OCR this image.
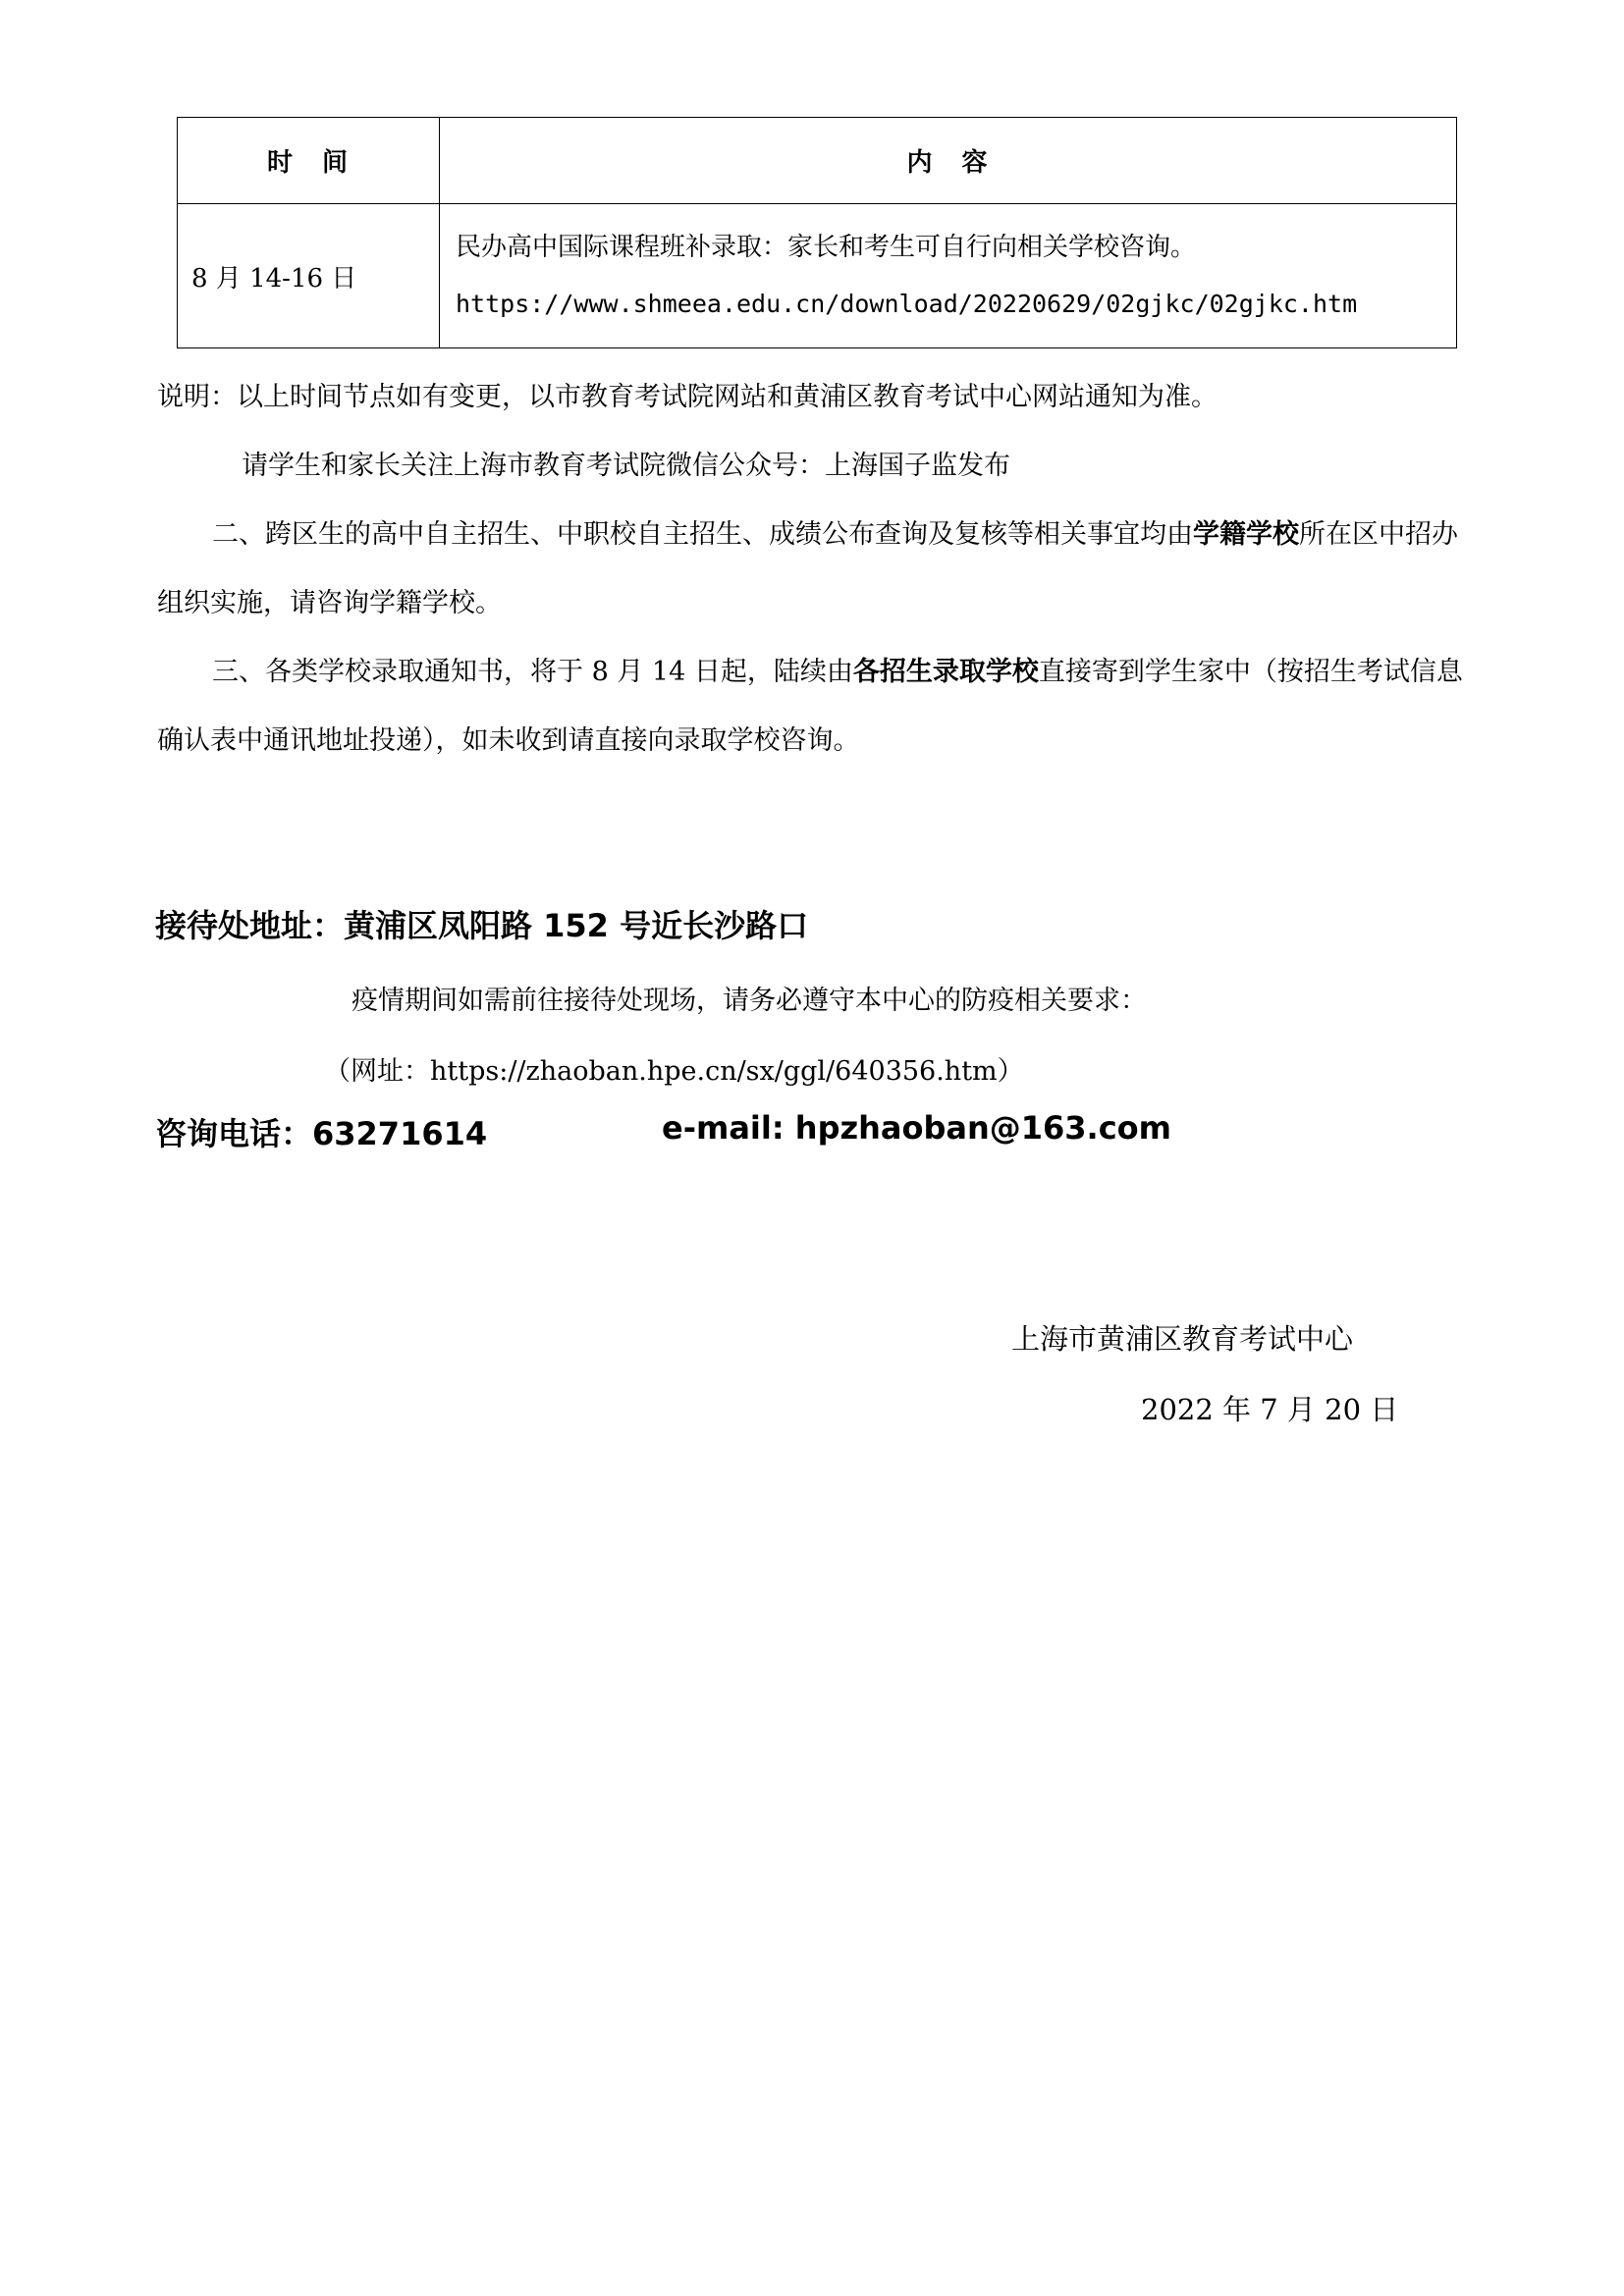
时　间	内　容
8 月 14-16 日	民办高中国际课程班补录取：家长和考生可自行向相关学校咨询。
https://www.shmeea.edu.cn/download/20220629/02gjkc/02gjkc.htm
说明：以上时间节点如有变更，以市教育考试院网站和黄浦区教育考试中心网站通知为准。
请学生和家长关注上海市教育考试院微信公众号：上海国子监发布
二、跨区生的高中自主招生、中职校自主招生、成绩公布查询及复核等相关事宜均由学籍学校所在区中招办组织实施，请咨询学籍学校。
三、各类学校录取通知书，将于 8 月 14 日起，陆续由各招生录取学校直接寄到学生家中（按招生考试信息确认表中通讯地址投递），如未收到请直接向录取学校咨询。
接待处地址：黄浦区凤阳路 152 号近长沙路口
疫情期间如需前往接待处现场，请务必遵守本中心的防疫相关要求：
（网址：https://zhaoban.hpe.cn/sx/ggl/640356.htm）
咨询电话：63271614	e-mail: hpzhaoban@163.com
上海市黄浦区教育考试中心
2022 年 7 月 20 日
